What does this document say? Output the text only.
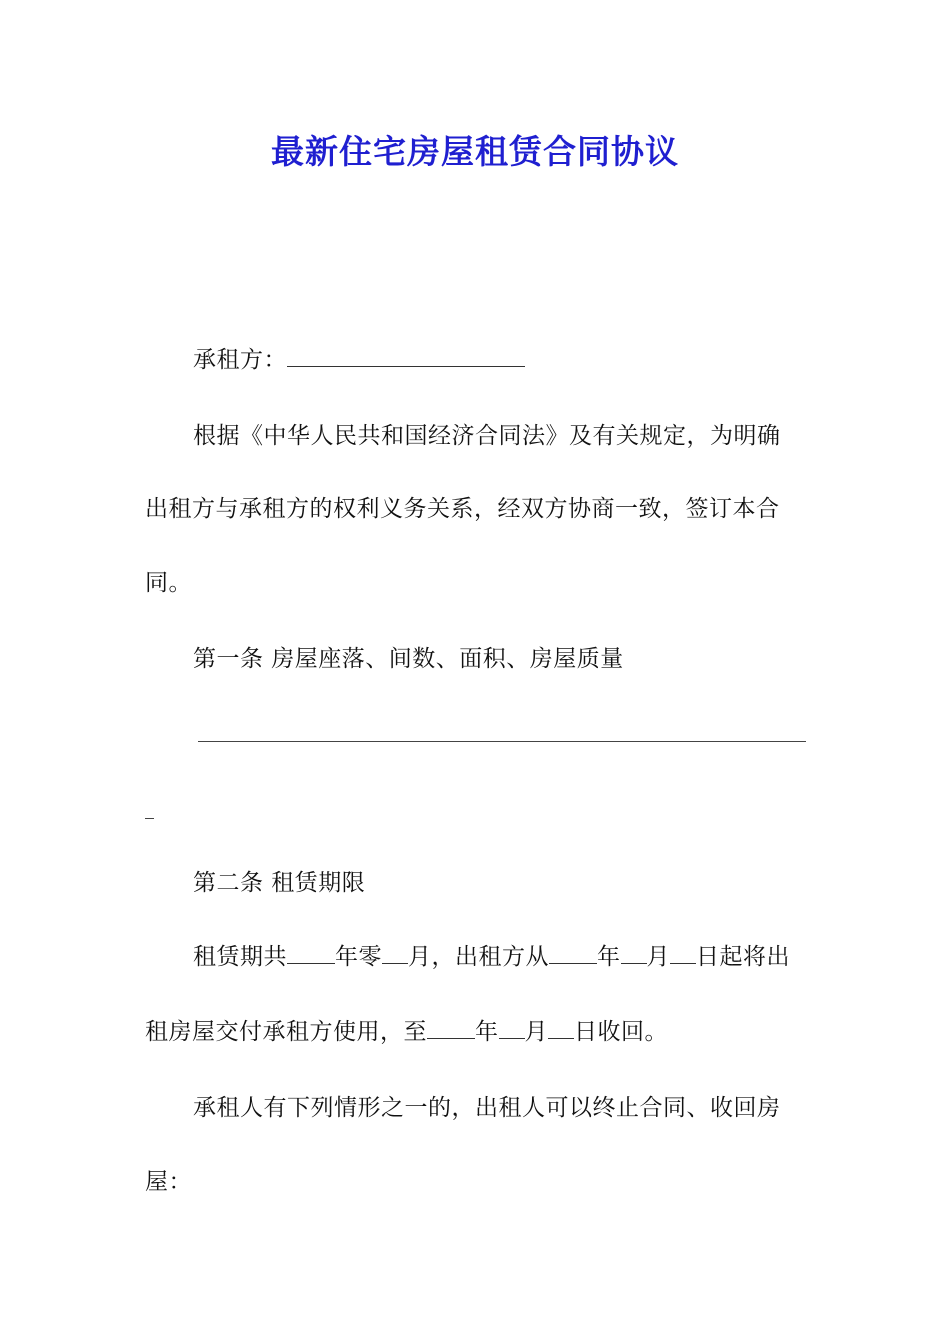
最新住宅房屋租赁合同协议
承租方：
根据《中华人民共和国经济合同法》及有关规定，为明确
出租方与承租方的权利义务关系，经双方协商一致，签订本合
同。
第一条 房屋座落、间数、面积、房屋质量
第二条 租赁期限
租赁期共 年零 月，出租方从 年 月 日起将出
租房屋交付承租方使用，至 年 月 日收回。
承租人有下列情形之一的，出租人可以终止合同、收回房
屋：
